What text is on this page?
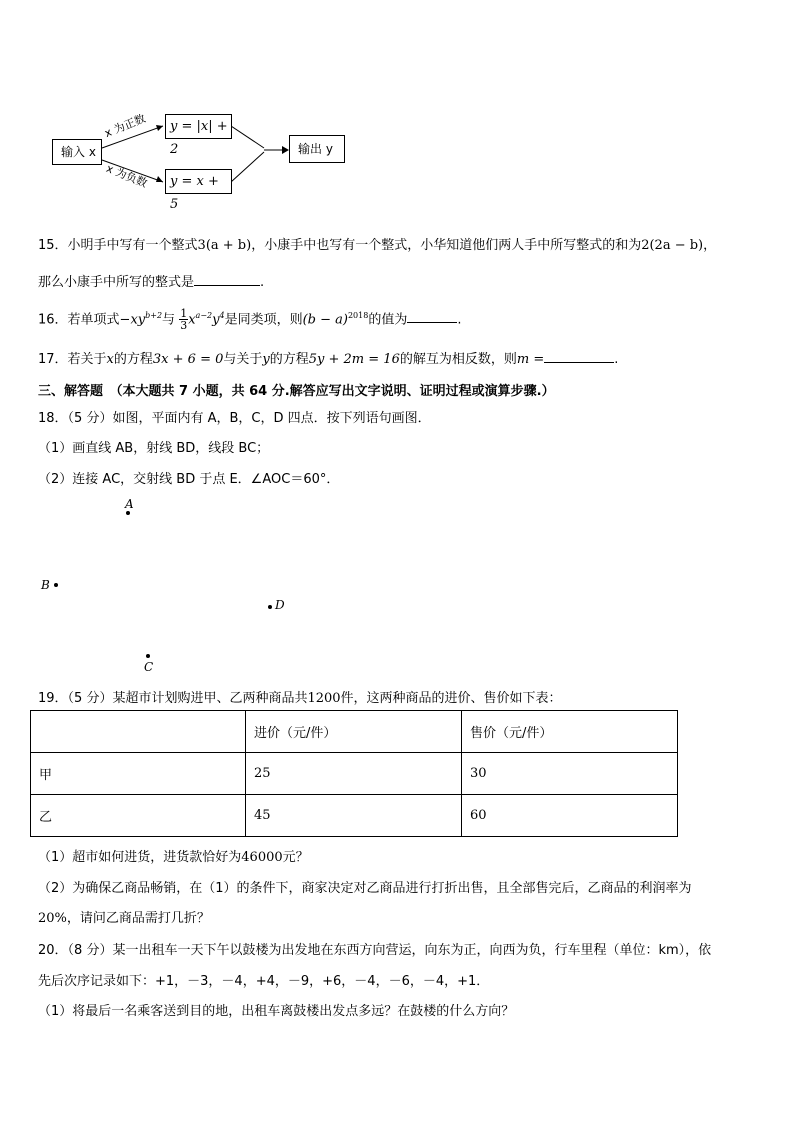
输入 x
x 为正数
x 为负数
y = |x| + 2
y = x + 5
输出 y
15．小明手中写有一个整式3(a + b)，小康手中也写有一个整式，小华知道他们两人手中所写整式的和为2(2a − b)，
那么小康手中所写的整式是	.
16．若单项式$-xy^{b+2}$与 $\frac{1}{3} x^{a-2}y^4$是同类项，则$(b - a)^{2018}$的值为	.
17．若关于x的方程3x + 6 = 0与关于y的方程5y + 2m = 16的解互为相反数，则m =	.
三、解答题　（本大题共 7 小题，共 64 分.解答应写出文字说明、证明过程或演算步骤.）
18．（5 分）如图，平面内有 A，B，C，D 四点．按下列语句画图．
（1）画直线 AB，射线 BD，线段 BC；
（2）连接 AC，交射线 BD 于点 E．∠AOC＝60°．
A
B
D
C
19．（5 分）某超市计划购进甲、乙两种商品共1200件，这两种商品的进价、售价如下表：
	进价（元/件）	售价（元/件）
甲	25	30
乙	45	60
（1）超市如何进货，进货款恰好为46000元？
（2）为确保乙商品畅销，在（1）的条件下，商家决定对乙商品进行打折出售，且全部售完后，乙商品的利润率为
20%，请问乙商品需打几折？
20．（8 分）某一出租车一天下午以鼓楼为出发地在东西方向营运，向东为正，向西为负，行车里程（单位：km），依
先后次序记录如下：+1，－3，－4，+4，－9，+6，－4，－6，－4，+1．
（1）将最后一名乘客送到目的地，出租车离鼓楼出发点多远？在鼓楼的什么方向？
